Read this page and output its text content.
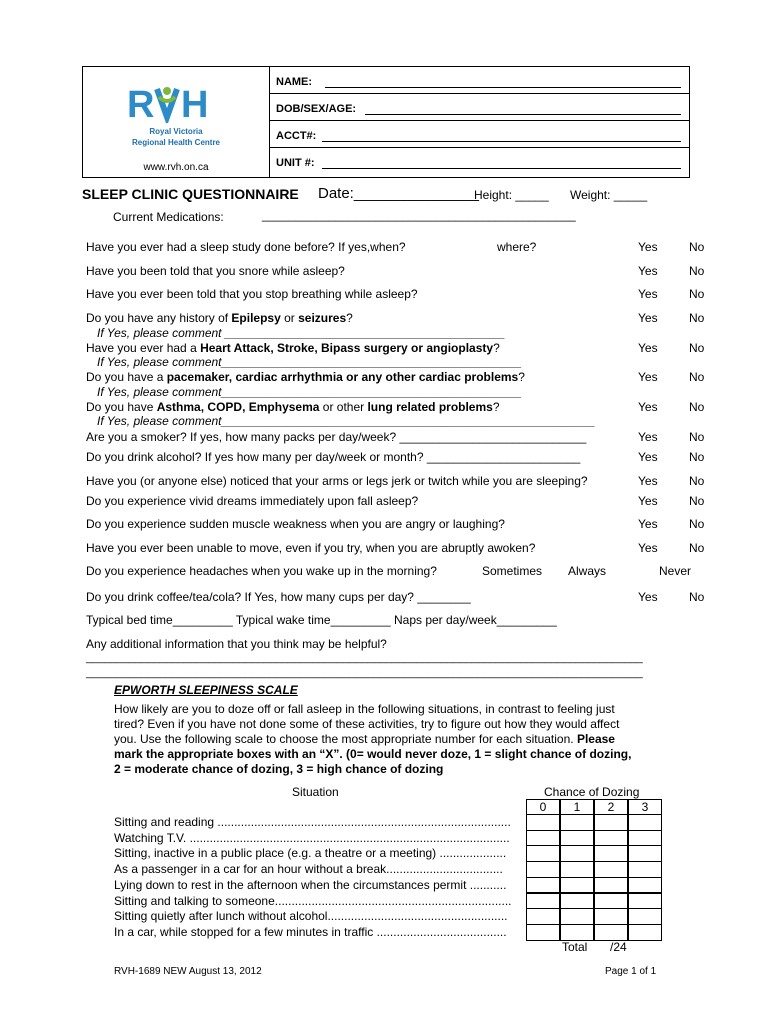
R H
Royal Victoria
Regional Health Centre
www.rvh.on.ca
NAME:
DOB/SEX/AGE:
ACCT#:
UNIT #:
SLEEP CLINIC QUESTIONNAIRE Date:_______________
Height: _____ Weight: _____
Current Medications:	_______________________________________________
Have you ever had a sleep study done before? If yes,when?	where?	Yes	No
Have you been told that you snore while asleep?	Yes	No
Have you ever been told that you stop breathing while asleep?	Yes	No
Do you have any history of Epilepsy or seizures?	Yes	No
If Yes, please comment __________________________________________
Have you ever had a Heart Attack, Stroke, Bipass surgery or angioplasty?	Yes	No
If Yes, please comment_____________________________________________
Do you have a pacemaker, cardiac arrhythmia or any other cardiac problems?	Yes	No
If Yes, please comment_____________________________________________
Do you have Asthma, COPD, Emphysema or other lung related problems?	Yes	No
If Yes, please comment________________________________________________________
Are you a smoker? If yes, how many packs per day/week? ____________________________	Yes	No
Do you drink alcohol? If yes how many per day/week or month? _______________________	Yes	No
Have you (or anyone else) noticed that your arms or legs jerk or twitch while you are sleeping?	Yes	No
Do you experience vivid dreams immediately upon fall asleep?	Yes	No
Do you experience sudden muscle weakness when you are angry or laughing?	Yes	No
Have you ever been unable to move, even if you try, when you are abruptly awoken?	Yes	No
Do you experience headaches when you wake up in the morning?	Sometimes Always	Never
Do you drink coffee/tea/cola? If Yes, how many cups per day? ________	Yes	No
Typical bed time_________ Typical wake time_________ Naps per day/week_________
Any additional information that you think may be helpful?
___________________________________________________________________________________________
___________________________________________________________________________________________
EPWORTH SLEEPINESS SCALE
How likely are you to doze off or fall asleep in the following situations, in contrast to feeling just
tired? Even if you have not done some of these activities, try to figure out how they would affect
you. Use the following scale to choose the most appropriate number for each situation. Please
mark the appropriate boxes with an “X”. (0= would never doze, 1 = slight chance of dozing,
2 = moderate chance of dozing, 3 = high chance of dozing
Situation	Chance of Dozing
0	1	2	3
Sitting and reading ........................................................................................
Watching T.V. ................................................................................................
Sitting, inactive in a public place (e.g. a theatre or a meeting) ....................
As a passenger in a car for an hour without a break...................................
Lying down to rest in the afternoon when the circumstances permit ...........
Sitting and talking to someone.......................................................................
Sitting quietly after lunch without alcohol......................................................
In a car, while stopped for a few minutes in traffic .......................................
Total /24
RVH-1689 NEW August 13, 2012	Page 1 of 1
